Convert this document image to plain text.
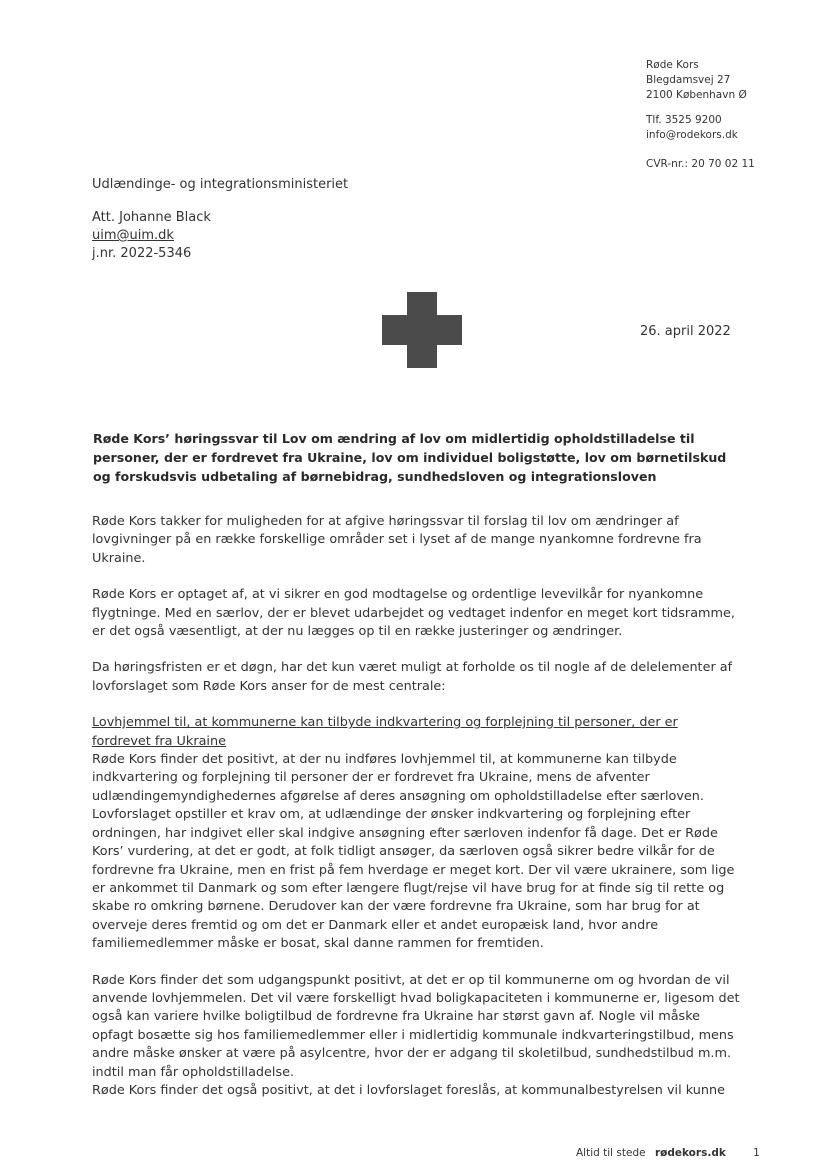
Røde Kors
Blegdamsvej 27
2100 København Ø
Tlf. 3525 9200
info@rodekors.dk
CVR-nr.: 20 70 02 11
Udlændinge- og integrationsministeriet
Att. Johanne Black
uim@uim.dk
j.nr. 2022-5346
26. april 2022
Røde Kors’ høringssvar til Lov om ændring af lov om midlertidig opholdstilladelse til personer, der er fordrevet fra Ukraine, lov om individuel boligstøtte, lov om børnetilskud og forskudsvis udbetaling af børnebidrag, sundhedsloven og integrationsloven

Røde Kors takker for muligheden for at afgive høringssvar til forslag til lov om ændringer af lovgivninger på en række forskellige områder set i lyset af de mange nyankomne fordrevne fra Ukraine.

Røde Kors er optaget af, at vi sikrer en god modtagelse og ordentlige levevilkår for nyankomne flygtninge. Med en særlov, der er blevet udarbejdet og vedtaget indenfor en meget kort tidsramme, er det også væsentligt, at der nu lægges op til en række justeringer og ændringer.

Da høringsfristen er et døgn, har det kun været muligt at forholde os til nogle af de delelementer af lovforslaget som Røde Kors anser for de mest centrale:

Lovhjemmel til, at kommunerne kan tilbyde indkvartering og forplejning til personer, der er fordrevet fra Ukraine

Røde Kors finder det positivt, at der nu indføres lovhjemmel til, at kommunerne kan tilbyde indkvartering og forplejning til personer der er fordrevet fra Ukraine, mens de afventer udlændingemyndighedernes afgørelse af deres ansøgning om opholdstilladelse efter særloven. Lovforslaget opstiller et krav om, at udlændinge der ønsker indkvartering og forplejning efter ordningen, har indgivet eller skal indgive ansøgning efter særloven indenfor få dage. Det er Røde Kors’ vurdering, at det er godt, at folk tidligt ansøger, da særloven også sikrer bedre vilkår for de fordrevne fra Ukraine, men en frist på fem hverdage er meget kort. Der vil være ukrainere, som lige er ankommet til Danmark og som efter længere flugt/rejse vil have brug for at finde sig til rette og skabe ro omkring børnene. Derudover kan der være fordrevne fra Ukraine, som har brug for at overveje deres fremtid og om det er Danmark eller et andet europæisk land, hvor andre familiemedlemmer måske er bosat, skal danne rammen for fremtiden.

Røde Kors finder det som udgangspunkt positivt, at det er op til kommunerne om og hvordan de vil anvende lovhjemmelen. Det vil være forskelligt hvad boligkapaciteten i kommunerne er, ligesom det også kan variere hvilke boligtilbud de fordrevne fra Ukraine har størst gavn af. Nogle vil måske opfagt bosætte sig hos familiemedlemmer eller i midlertidig kommunale indkvarteringstilbud, mens andre måske ønsker at være på asylcentre, hvor der er adgang til skoletilbud, sundhedstilbud m.m. indtil man får opholdstilladelse.

Røde Kors finder det også positivt, at det i lovforslaget foreslås, at kommunalbestyrelsen vil kunne

Altid til stede rødekors.dk	1
